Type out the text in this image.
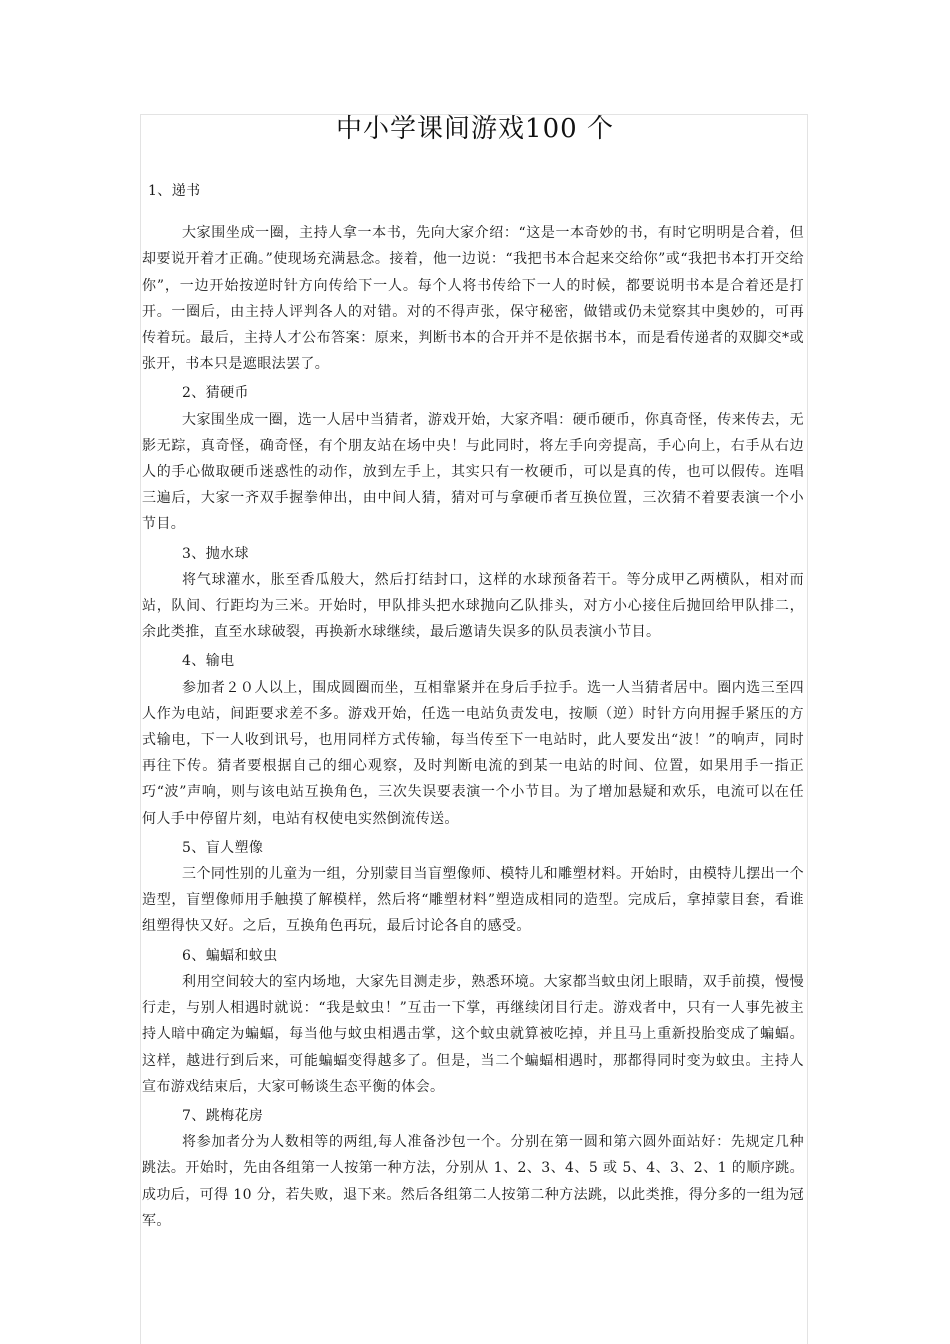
中小学课间游戏100 个

1、递书

大家围坐成一圈，主持人拿一本书，先向大家介绍：“这是一本奇妙的书，有时它明明是合着，但却要说开着才正确。”使现场充满悬念。接着，他一边说：“我把书本合起来交给你”或“我把书本打开交给你”，一边开始按逆时针方向传给下一人。每个人将书传给下一人的时候，都要说明书本是合着还是打开。一圈后，由主持人评判各人的对错。对的不得声张，保守秘密，做错或仍未觉察其中奥妙的，可再传着玩。最后，主持人才公布答案：原来，判断书本的合开并不是依据书本，而是看传递者的双脚交*或张开，书本只是遮眼法罢了。

2、猜硬币

大家围坐成一圈，选一人居中当猜者，游戏开始，大家齐唱：硬币硬币，你真奇怪，传来传去，无影无踪，真奇怪，确奇怪，有个朋友站在场中央！与此同时，将左手向旁提高，手心向上，右手从右边人的手心做取硬币迷惑性的动作，放到左手上，其实只有一枚硬币，可以是真的传，也可以假传。连唱三遍后，大家一齐双手握拳伸出，由中间人猜，猜对可与拿硬币者互换位置，三次猜不着要表演一个小节目。

3、抛水球

将气球灌水，胀至香瓜般大，然后打结封口，这样的水球预备若干。等分成甲乙两横队，相对而站，队间、行距均为三米。开始时，甲队排头把水球抛向乙队排头，对方小心接住后抛回给甲队排二，余此类推，直至水球破裂，再换新水球继续，最后邀请失误多的队员表演小节目。

4、输电

参加者２０人以上，围成圆圈而坐，互相靠紧并在身后手拉手。选一人当猜者居中。圈内选三至四人作为电站，间距要求差不多。游戏开始，任选一电站负责发电，按顺（逆）时针方向用握手紧压的方式输电，下一人收到讯号，也用同样方式传输，每当传至下一电站时，此人要发出“波！”的响声，同时再往下传。猜者要根据自己的细心观察，及时判断电流的到某一电站的时间、位置，如果用手一指正巧“波”声响，则与该电站互换角色，三次失误要表演一个小节目。为了增加悬疑和欢乐，电流可以在任何人手中停留片刻，电站有权使电实然倒流传送。

5、盲人塑像

三个同性别的儿童为一组，分别蒙目当盲塑像师、模特儿和雕塑材料。开始时，由模特儿摆出一个造型，盲塑像师用手触摸了解模样，然后将“雕塑材料”塑造成相同的造型。完成后，拿掉蒙目套，看谁组塑得快又好。之后，互换角色再玩，最后讨论各自的感受。

6、蝙蝠和蚊虫

利用空间较大的室内场地，大家先目测走步，熟悉环境。大家都当蚊虫闭上眼睛，双手前摸，慢慢行走，与别人相遇时就说：“我是蚊虫！”互击一下掌，再继续闭目行走。游戏者中，只有一人事先被主持人暗中确定为蝙蝠，每当他与蚊虫相遇击掌，这个蚊虫就算被吃掉，并且马上重新投胎变成了蝙蝠。这样，越进行到后来，可能蝙蝠变得越多了。但是，当二个蝙蝠相遇时，那都得同时变为蚊虫。主持人宣布游戏结束后，大家可畅谈生态平衡的体会。

7、跳梅花房

将参加者分为人数相等的两组,每人准备沙包一个。分别在第一圆和第六圆外面站好：先规定几种跳法。开始时，先由各组第一人按第一种方法，分别从 1、2、3、4、5 或 5、4、3、2、1 的顺序跳。成功后，可得 10 分，若失败，退下来。然后各组第二人按第二种方法跳，以此类推，得分多的一组为冠军。
